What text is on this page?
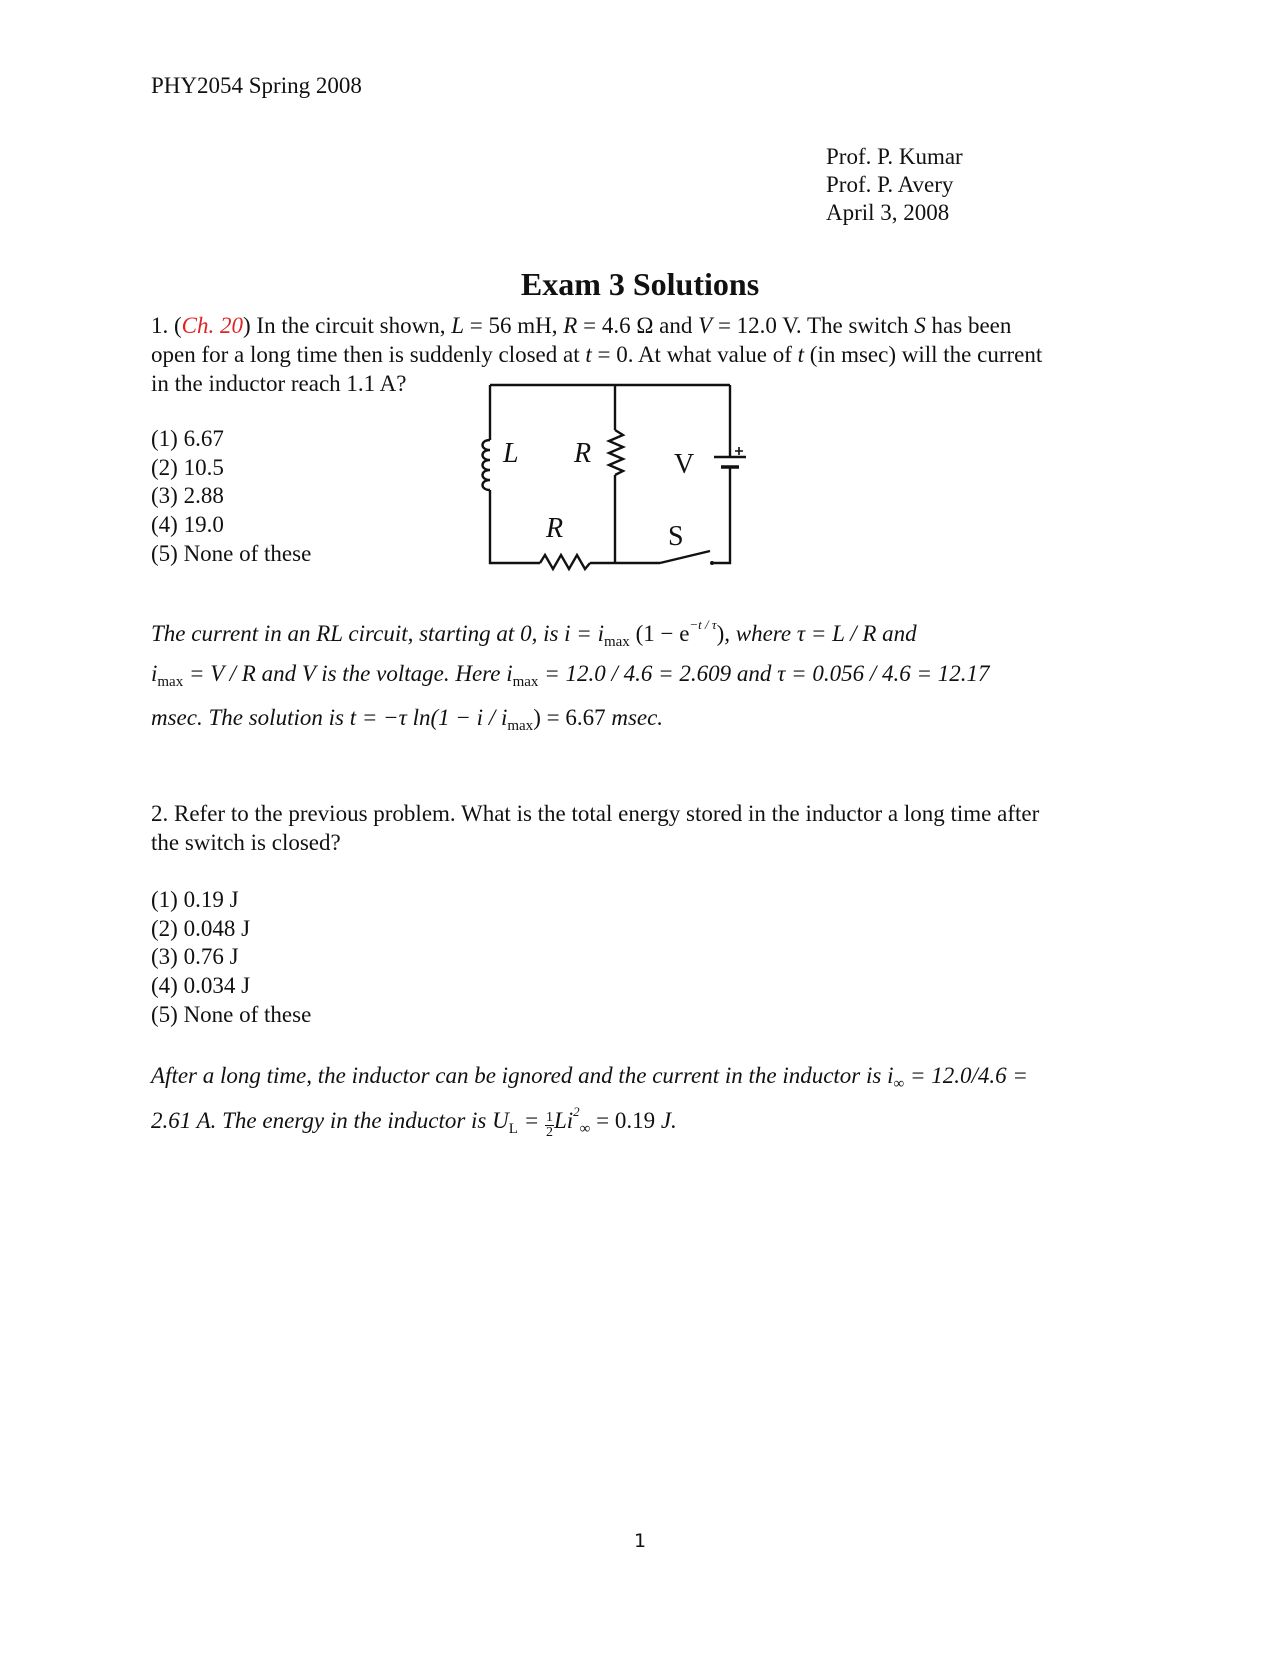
PHY2054 Spring 2008
Prof. P. Kumar
Prof. P. Avery
April 3, 2008
Exam 3 Solutions
1. (Ch. 20) In the circuit shown, L = 56 mH, R = 4.6 Ω and V = 12.0 V. The switch S has been
open for a long time then is suddenly closed at t = 0. At what value of t (in msec) will the current
in the inductor reach 1.1 A?
(1) 6.67
(2) 10.5
(3) 2.88
(4) 19.0
(5) None of these
L R	V
R	S
The current in an RL circuit, starting at 0, is $i = i_{max}$ $(1 - e^{-t / \tau})$, where τ = L / R and
$i_{max} = V / R$ and V is the voltage. Here $i_{max} = 12.0 / 4.6 = 2.609$ and τ = 0.056 / 4.6 = 12.17
msec. The solution is t = −τ $\ln(1 - i / i_{max}) = 6.67$ msec.
2. Refer to the previous problem. What is the total energy stored in the inductor a long time after
the switch is closed?
(1) 0.19 J
(2) 0.048 J
(3) 0.76 J
(4) 0.034 J
(5) None of these
After a long time, the inductor can be ignored and the current in the inductor is $i_\infty = 12.0/4.6$ =
2.61 A. The energy in the inductor is $U_L = \frac{1}{2} Li^2_\infty = 0.19$ J.
1
